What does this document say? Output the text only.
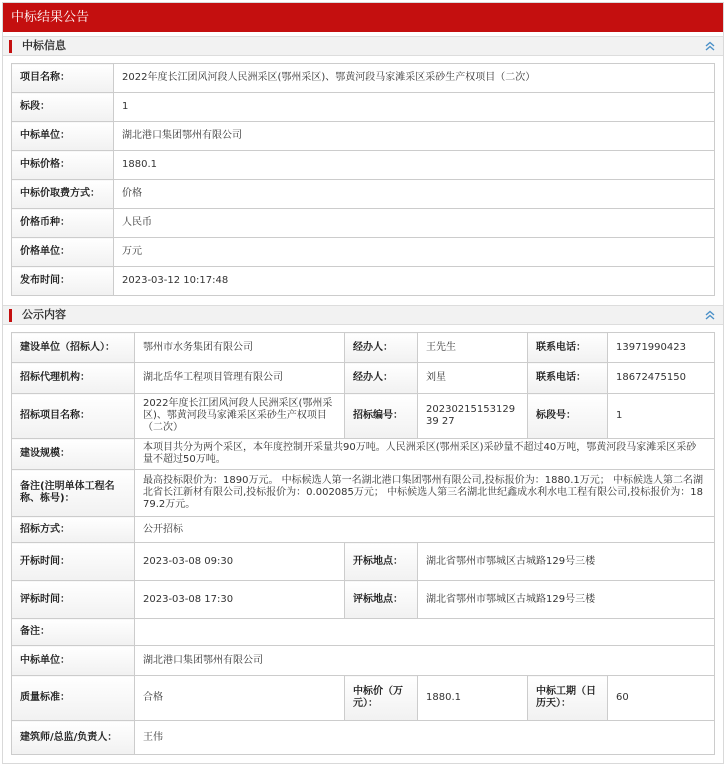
中标结果公告
中标信息
项目名称：	2022年度长江团风河段人民洲采区(鄂州采区)、鄂黄河段马家滩采区采砂生产权项目（二次）
标段：	1
中标单位：	湖北港口集团鄂州有限公司
中标价格：	1880.1
中标价取费方式：	价格
价格币种：	人民币
价格单位：	万元
发布时间：	2023-03-12 10:17:48
公示内容
建设单位（招标人）：	鄂州市水务集团有限公司	经办人：	王先生	联系电话：	13971990423
招标代理机构：	湖北岳华工程项目管理有限公司	经办人：	刘星	联系电话：	18672475150
招标项目名称：	2022年度长江团风河段人民洲采区(鄂州采区)、鄂黄河段马家滩采区采砂生产权项目（二次）	招标编号：	2023021515312939 27	标段号：	1
建设规模：	本项目共分为两个采区，本年度控制开采量共90万吨。人民洲采区(鄂州采区)采砂量不超过40万吨，鄂黄河段马家滩采区采砂量不超过50万吨。				
备注(注明单体工程名称、栋号)：	最高投标限价为：1890万元。 中标候选人第一名湖北港口集团鄂州有限公司,投标报价为：1880.1万元； 中标候选人第二名湖北省长江新材有限公司,投标报价为：0.002085万元； 中标候选人第三名湖北世纪鑫成水利水电工程有限公司,投标报价为：1879.2万元。				
招标方式：	公开招标				
开标时间：	2023-03-08 09:30	开标地点：	湖北省鄂州市鄂城区古城路129号三楼		
评标时间：	2023-03-08 17:30	评标地点：	湖北省鄂州市鄂城区古城路129号三楼		
备注：					
中标单位：	湖北港口集团鄂州有限公司				
质量标准：	合格	中标价（万元）：	1880.1	中标工期（日历天）：	60
建筑师/总监/负责人：	王伟				
